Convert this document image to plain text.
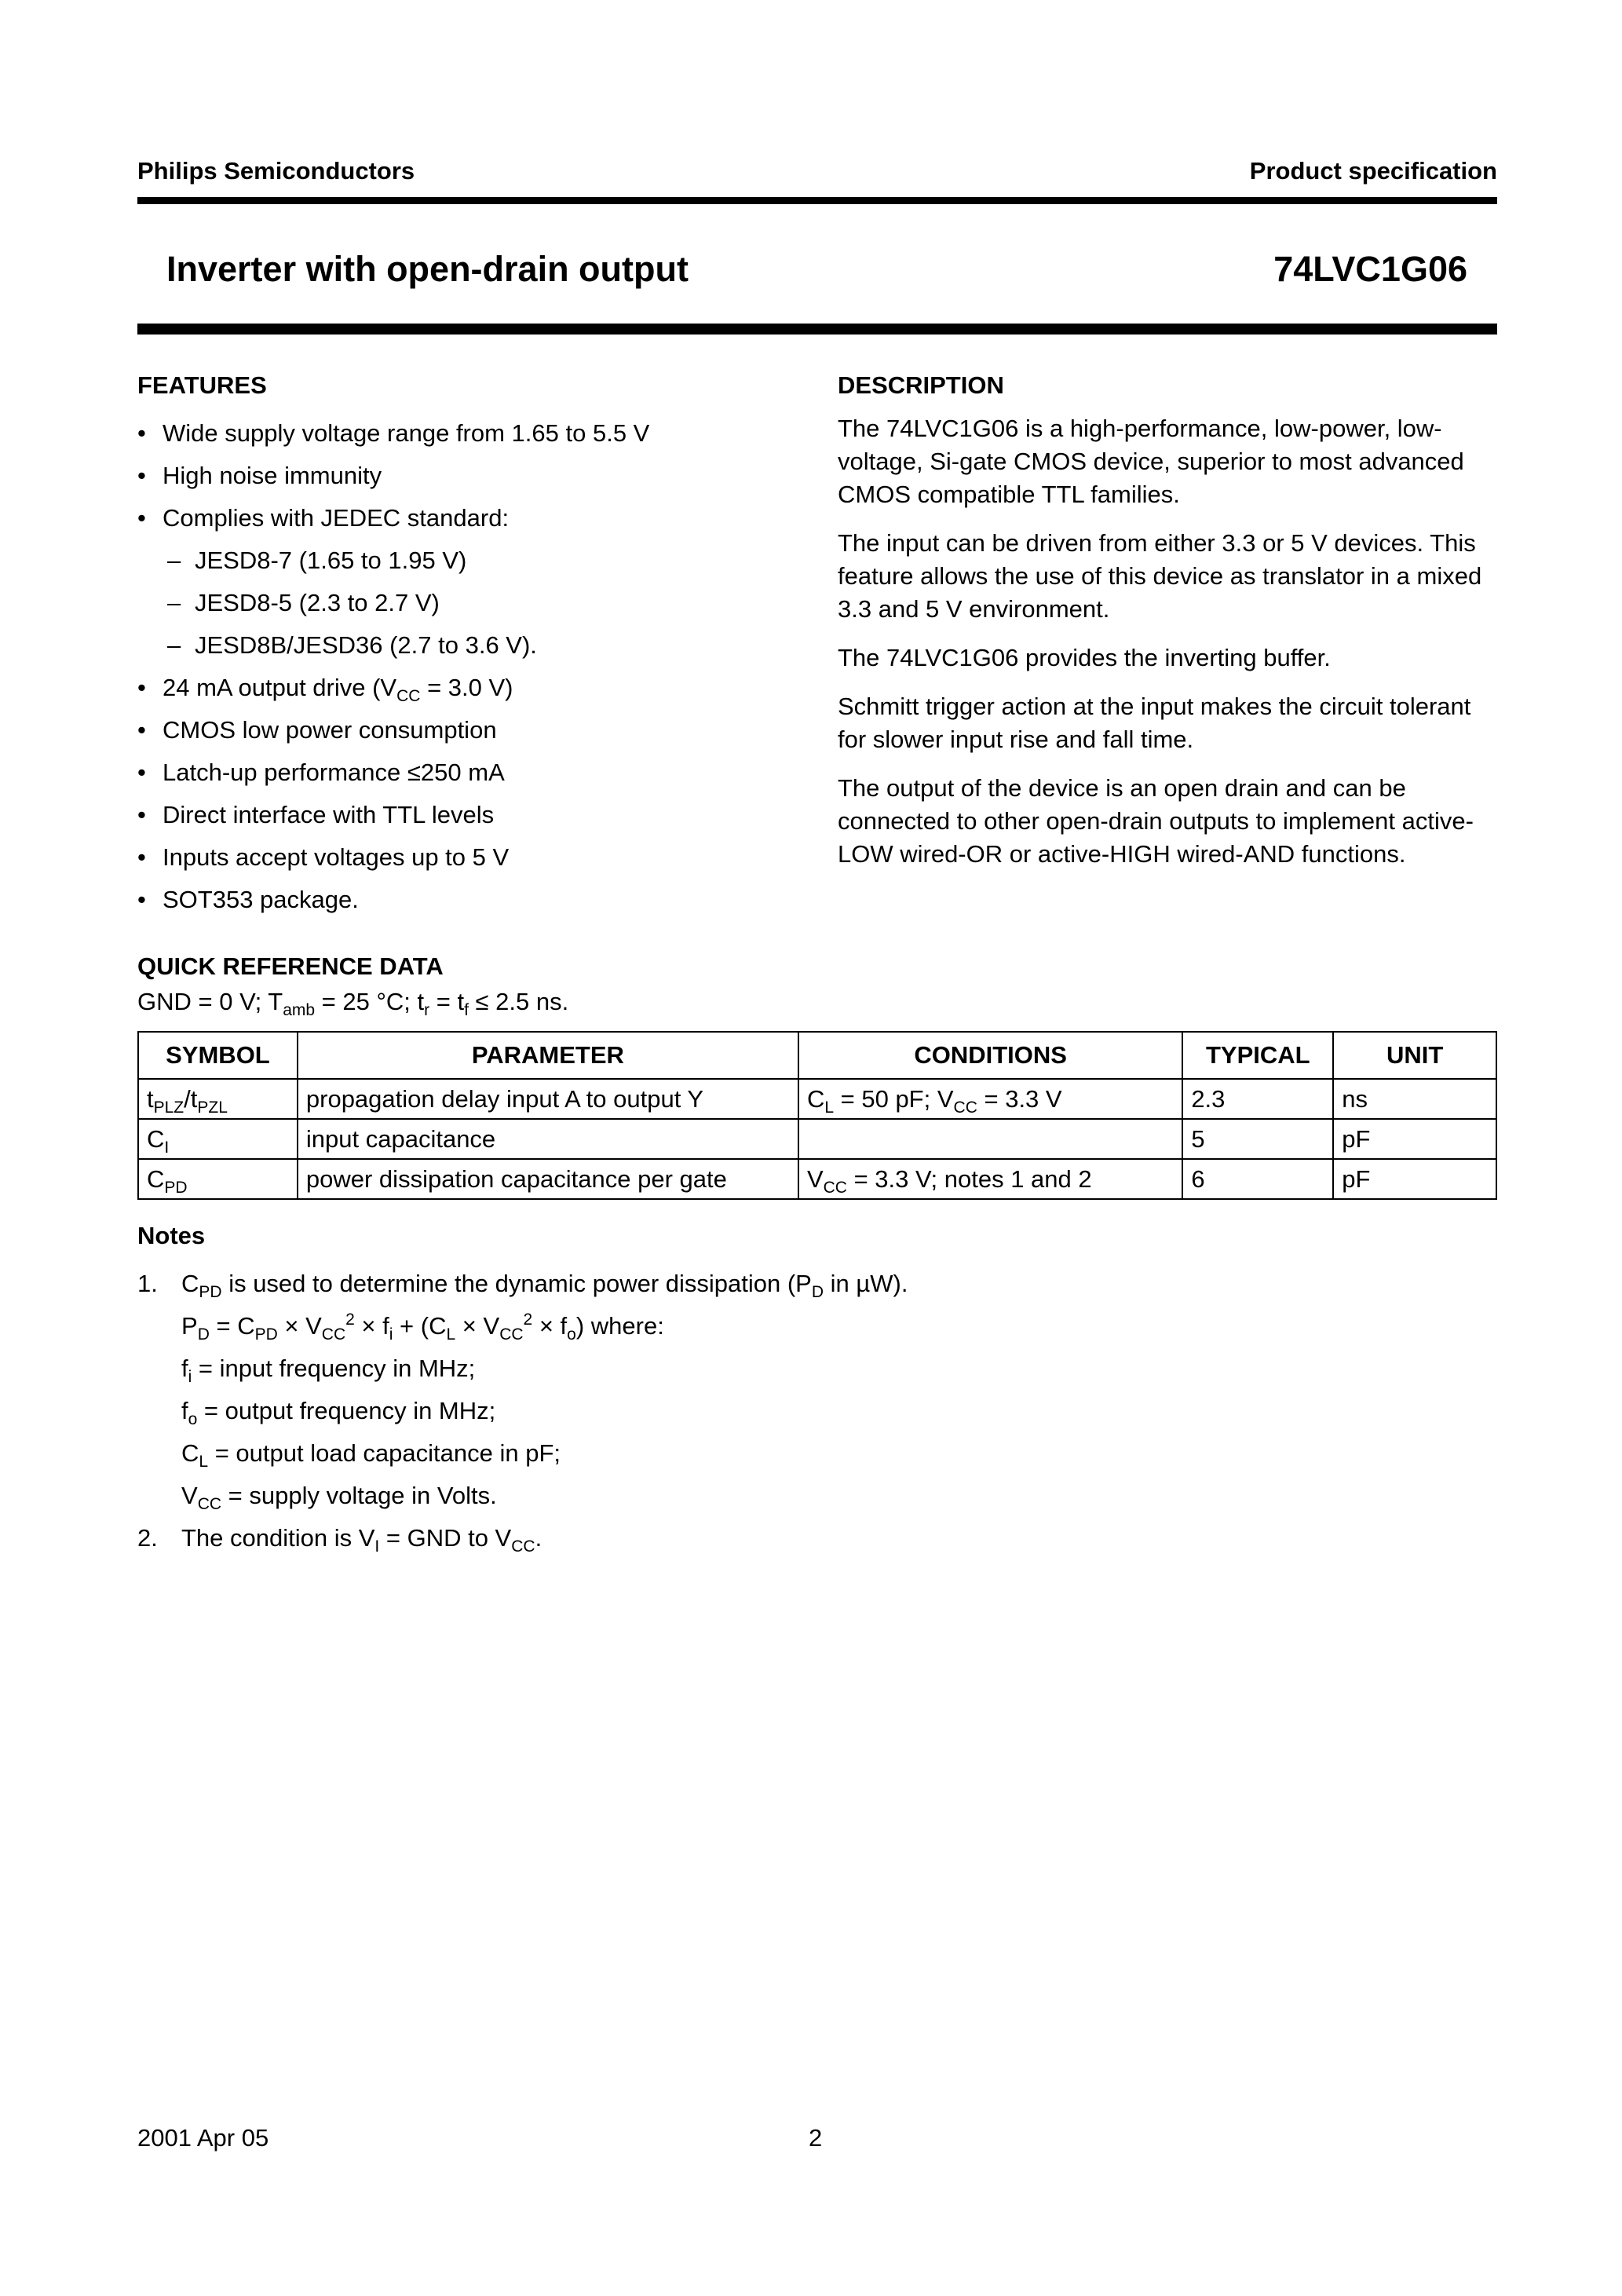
Philips Semiconductors	Product specification
Inverter with open-drain output	74LVC1G06
FEATURES
• Wide supply voltage range from 1.65 to 5.5 V
• High noise immunity
• Complies with JEDEC standard:
– JESD8-7 (1.65 to 1.95 V)
– JESD8-5 (2.3 to 2.7 V)
– JESD8B/JESD36 (2.7 to 3.6 V).
• 24 mA output drive ($V_{CC} = 3.0$ V)
• CMOS low power consumption
• Latch-up performance ≤250 mA
• Direct interface with TTL levels
• Inputs accept voltages up to 5 V
• SOT353 package.
DESCRIPTION

The 74LVC1G06 is a high-performance, low-power, low-voltage, Si-gate CMOS device, superior to most advanced CMOS compatible TTL families.

The input can be driven from either 3.3 or 5 V devices. This feature allows the use of this device as translator in a mixed 3.3 and 5 V environment.

The 74LVC1G06 provides the inverting buffer.

Schmitt trigger action at the input makes the circuit tolerant for slower input rise and fall time.

The output of the device is an open drain and can be connected to other open-drain outputs to implement active-LOW wired-OR or active-HIGH wired-AND functions.

QUICK REFERENCE DATA
GND = 0 V; $T_{amb} = 25$ °C; $t_r = t_f \le 2.5$ ns.
SYMBOL	PARAMETER	CONDITIONS	TYPICAL	UNIT
$t_{PLZ}/t_{PZL}$	propagation delay input A to output Y	$C_L = 50$ pF; $V_{CC} = 3.3$ V	2.3	ns
$C_I$	input capacitance		5	pF
$C_{PD}$	power dissipation capacitance per gate	$V_{CC} = 3.3$ V; notes 1 and 2	6	pF
Notes
1. $C_{PD}$ is used to determine the dynamic power dissipation ($P_D$ in µW).
$P_D = C_{PD} \times V_{CC}^2 \times f_i + (C_L \times V_{CC}^2 \times f_o)$ where:
$f_i$ = input frequency in MHz;
$f_o$ = output frequency in MHz;
$C_L$ = output load capacitance in pF;
$V_{CC}$ = supply voltage in Volts.
2. The condition is $V_I$ = GND to $V_{CC}$.
2001 Apr 05	2
